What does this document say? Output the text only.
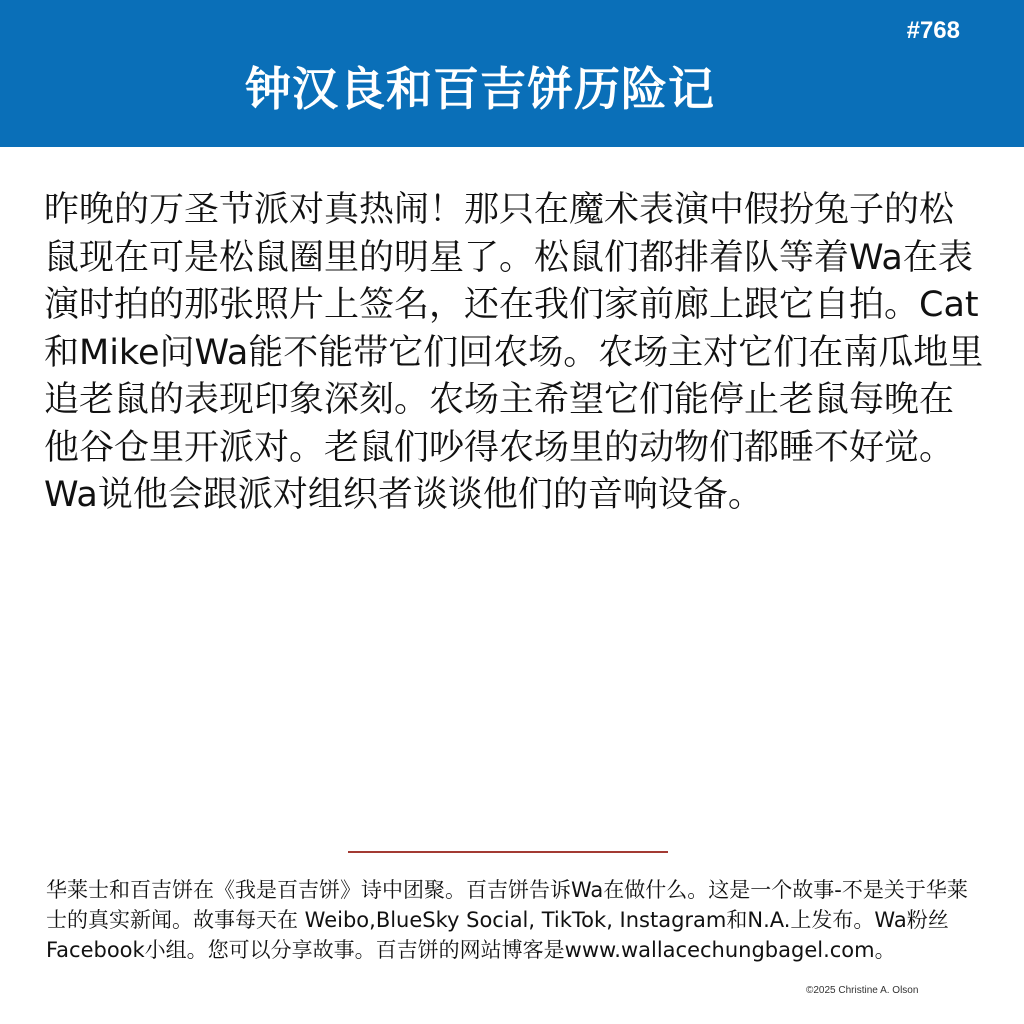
#768
钟汉良和百吉饼历险记
昨晚的万圣节派对真热闹！那只在魔术表演中假扮兔子的松鼠现在可是松鼠圈里的明星了。松鼠们都排着队等着Wa在表演时拍的那张照片上签名，还在我们家前廊上跟它自拍。Cat和Mike问Wa能不能带它们回农场。农场主对它们在南瓜地里追老鼠的表现印象深刻。农场主希望它们能停止老鼠每晚在他谷仓里开派对。老鼠们吵得农场里的动物们都睡不好觉。Wa说他会跟派对组织者谈谈他们的音响设备。
华莱士和百吉饼在《我是百吉饼》诗中团聚。百吉饼告诉Wa在做什么。这是一个故事-不是关于华莱士的真实新闻。故事每天在 Weibo,BlueSky Social, TikTok, Instagram和N.A.上发布。Wa粉丝Facebook小组。您可以分享故事。百吉饼的网站博客是www.wallacechungbagel.com。
©2025 Christine A. Olson
